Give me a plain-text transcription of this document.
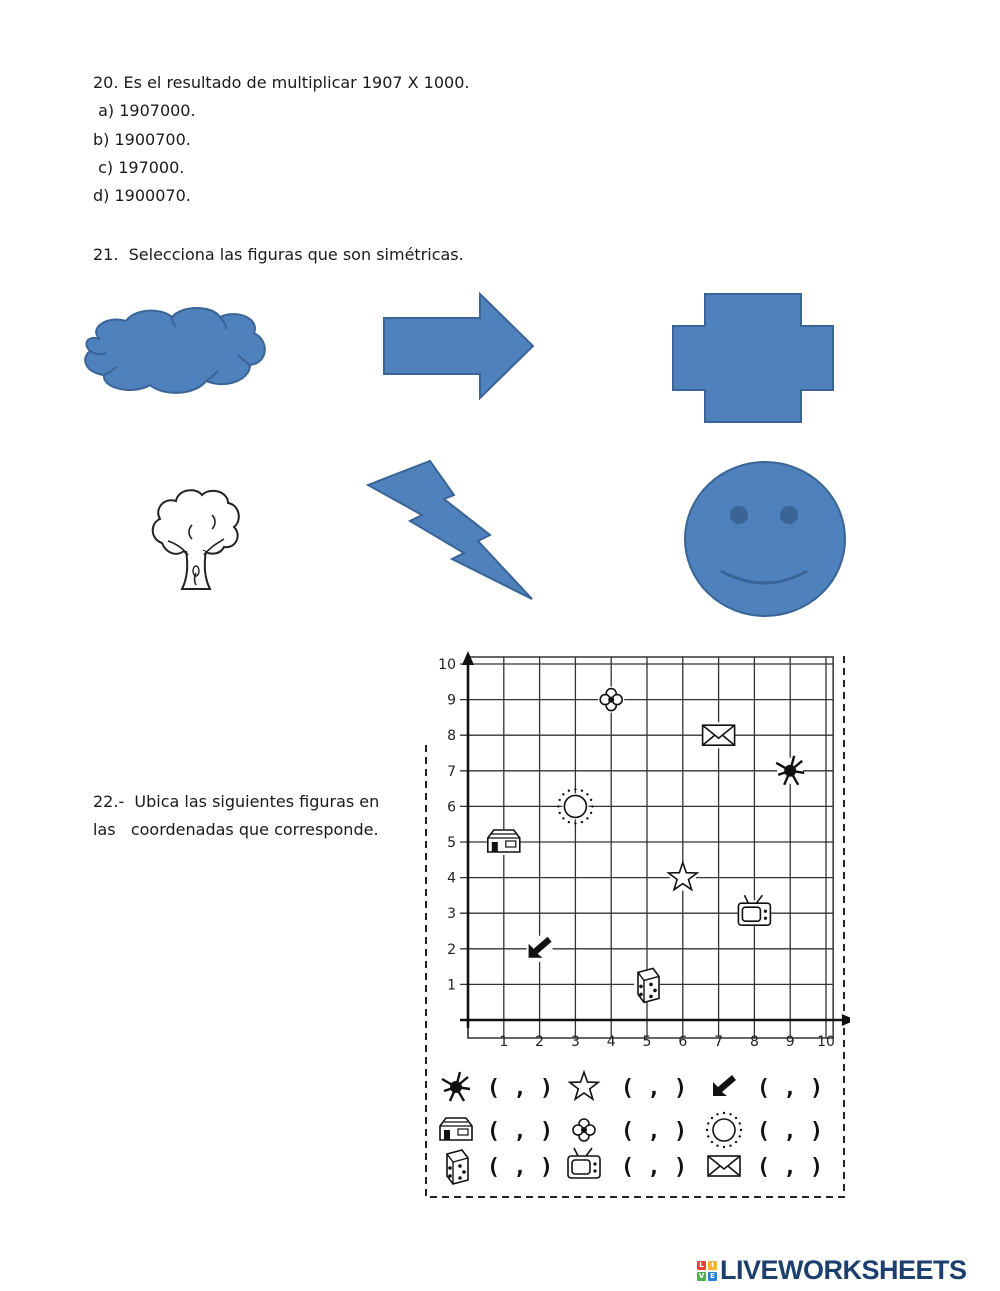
20. Es el resultado de multiplicar 1907 X 1000.
a) 1907000.
b) 1900700.
c) 197000.
d) 1900070.
21.  Selecciona las figuras que son simétricas.
22.-  Ubica las siguientes figuras en
las   coordenadas que corresponde.
1 2 3 4 5 6 7 8 9 10
1
2
3
4
5
6
7
8
9
10
( , )	( , )	( , )
( , )	( , )	( , )
( , )	( , )	( , )
L	I
V E LIVEWORKSHEETS
